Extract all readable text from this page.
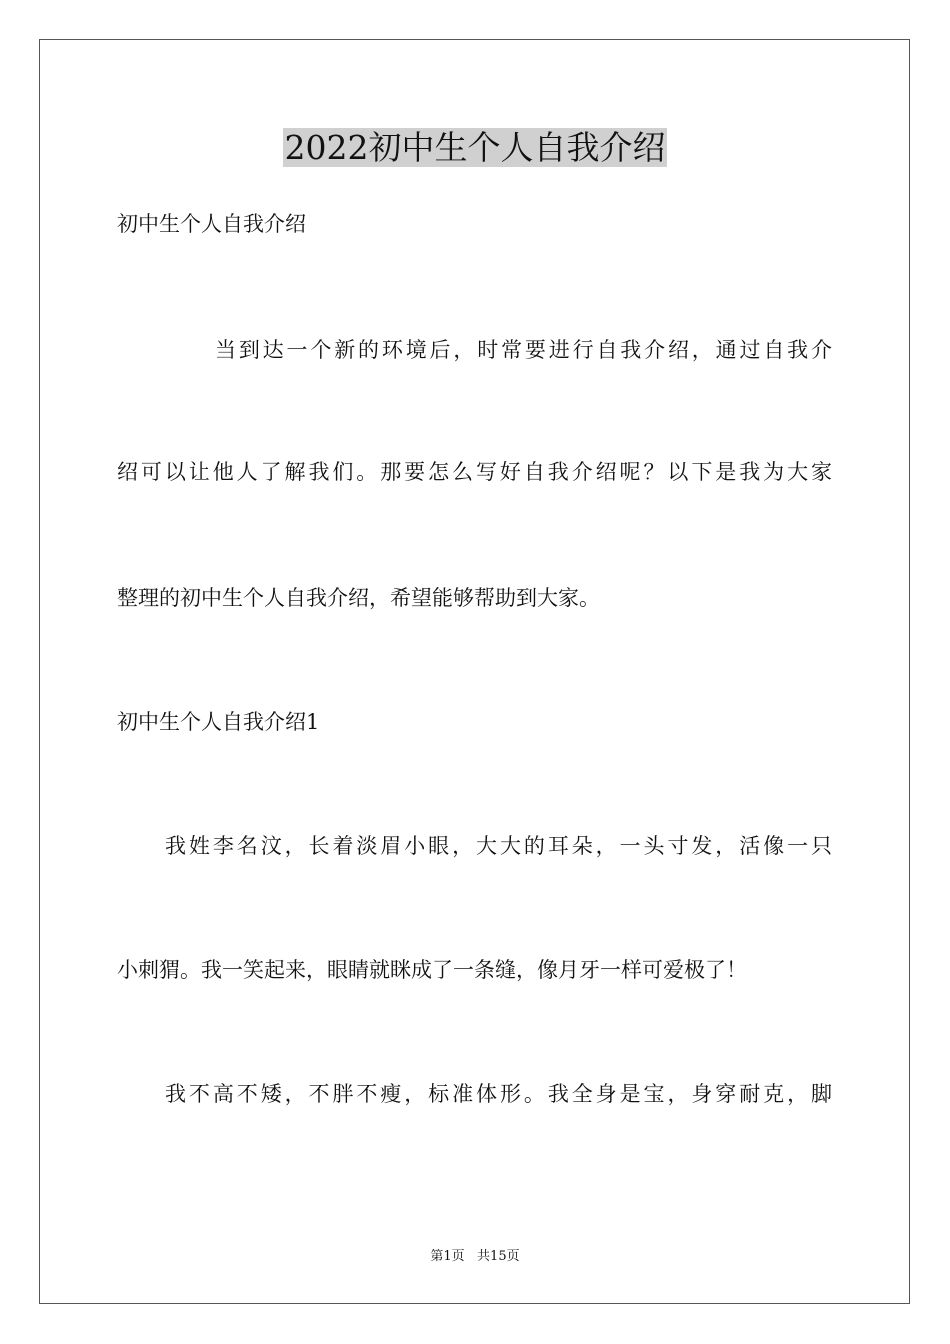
2022初中生个人自我介绍
初中生个人自我介绍
当到达一个新的环境后，时常要进行自我介绍，通过自我介
绍可以让他人了解我们。那要怎么写好自我介绍呢？以下是我为大家
整理的初中生个人自我介绍，希望能够帮助到大家。
初中生个人自我介绍1
我姓李名汶，长着淡眉小眼，大大的耳朵，一头寸发，活像一只
小刺猬。我一笑起来，眼睛就眯成了一条缝，像月牙一样可爱极了！
我不高不矮，不胖不瘦，标准体形。我全身是宝，身穿耐克，脚
第1页   共15页
